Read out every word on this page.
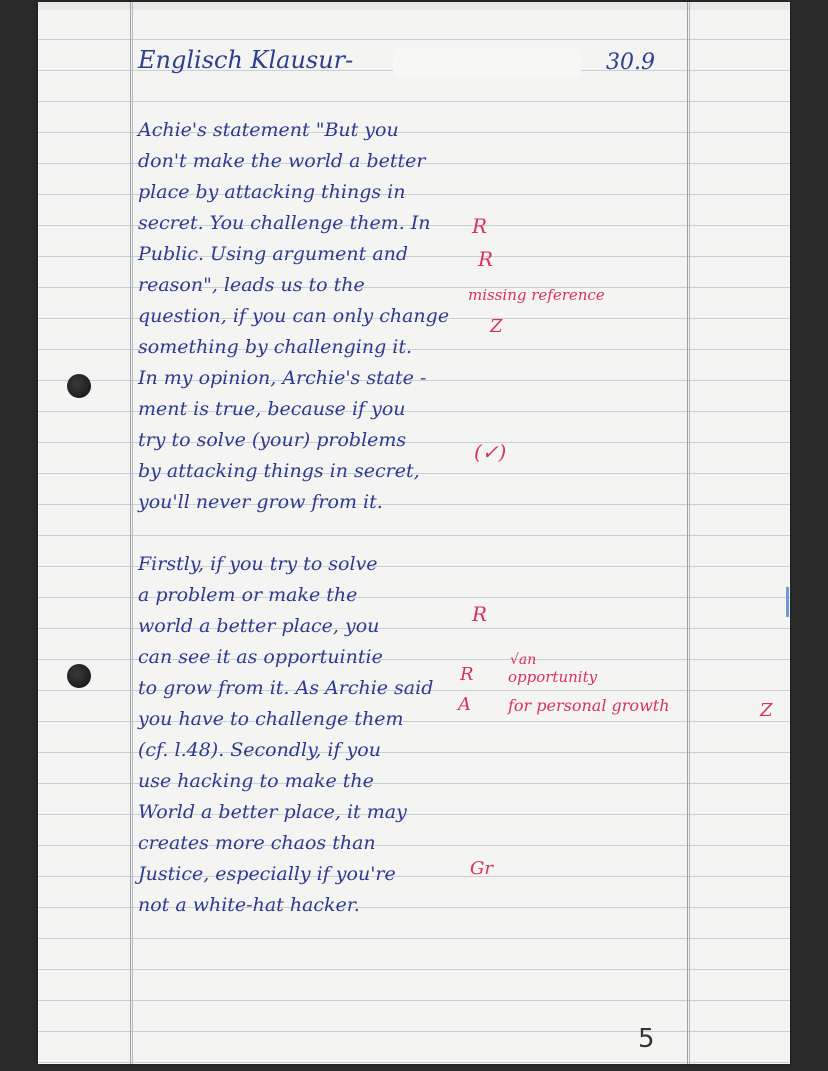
Englisch Klausur-	30.9
Achie's statement "But you
don't make the world a better
place by attacking things in
secret. You challenge them. In
Public. Using argument and
reason", leads us to the
question, if you can only change
something by challenging it.
In my opinion, Archie's state -
ment is true, because if you
try to solve (your) problems
by attacking things in secret,
you'll never grow from it.
Firstly, if you try to solve
a problem or make the
world a better place, you
can see it as opportuintie
to grow from it. As Archie said
you have to challenge them
(cf. l.48). Secondly, if you
use hacking to make the
World a better place, it may
creates more chaos than
Justice, especially if you're
not a white-hat hacker.
R
R
missing reference
Z
(✓)
R
R
√an
opportunity
A for personal growth	Z
Gr
5
